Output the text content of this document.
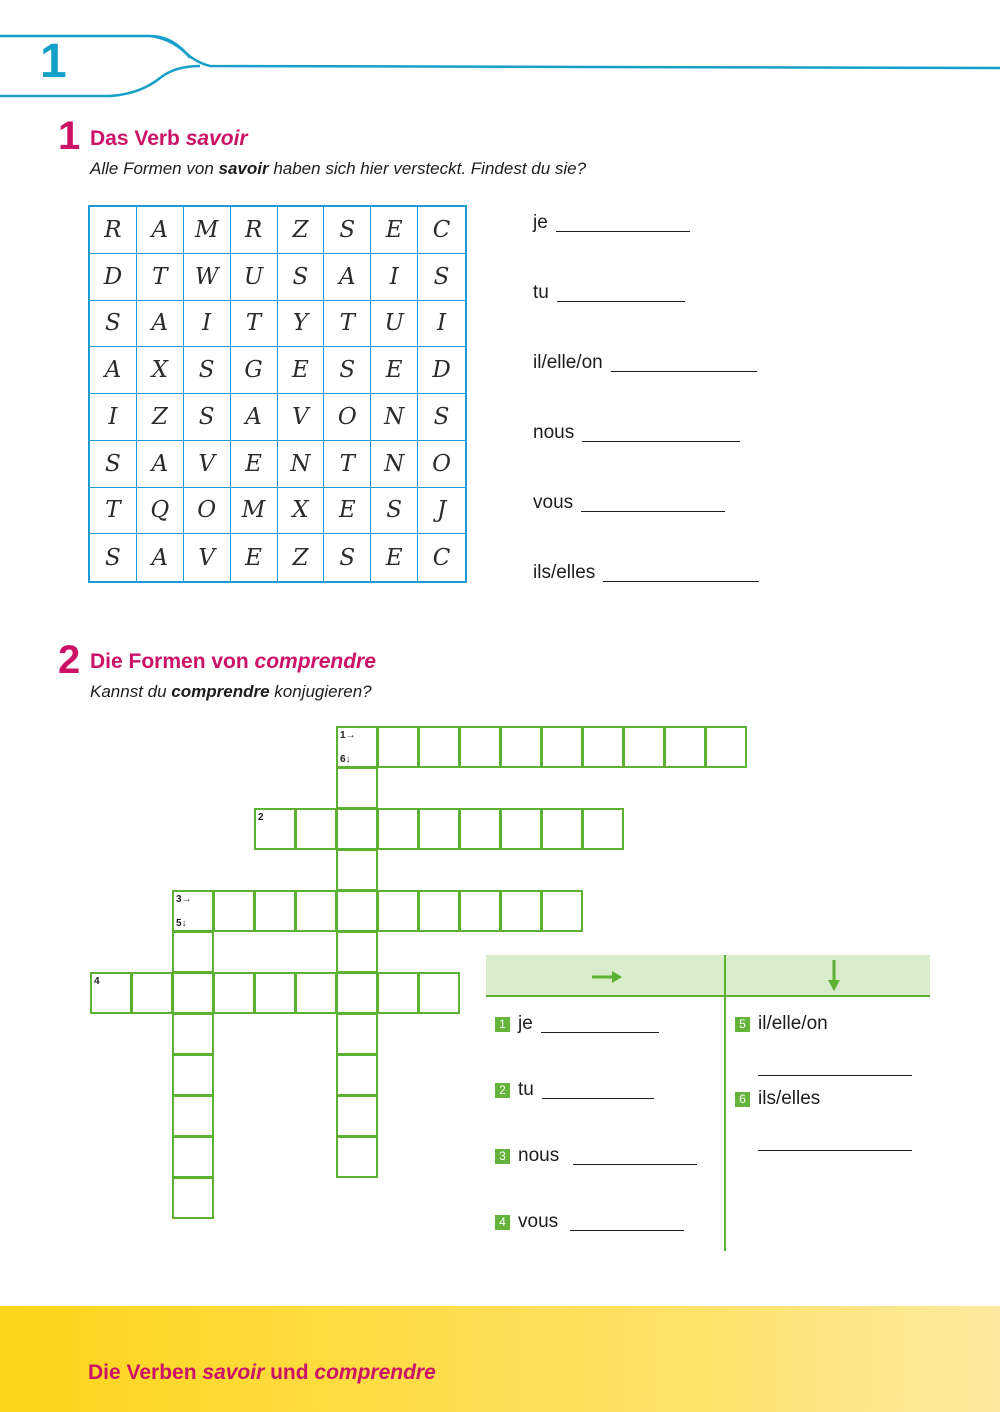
1
1 Das Verb savoir
Alle Formen von savoir haben sich hier versteckt. Findest du sie?
R	A	M	R	Z	S	E	C
D	T	W	U	S	A	I	S
S	A	I	T	Y	T	U	I
A	X	S	G	E	S	E	D
I	Z	S	A	V	O	N	S
S	A	V	E	N	T	N	O
T	Q	O	M	X	E	S	J
S	A	V	E	Z	S	E	C
je
tu
il/elle/on
nous
vous
ils/elles
2 Die Formen von comprendre
Kannst du comprendre konjugieren?
1→
6↓
2
3→
5↓
4
1 je
2 tu
3 nous
4 vous
5 il/elle/on
6 ils/elles
Die Verben savoir und comprendre
